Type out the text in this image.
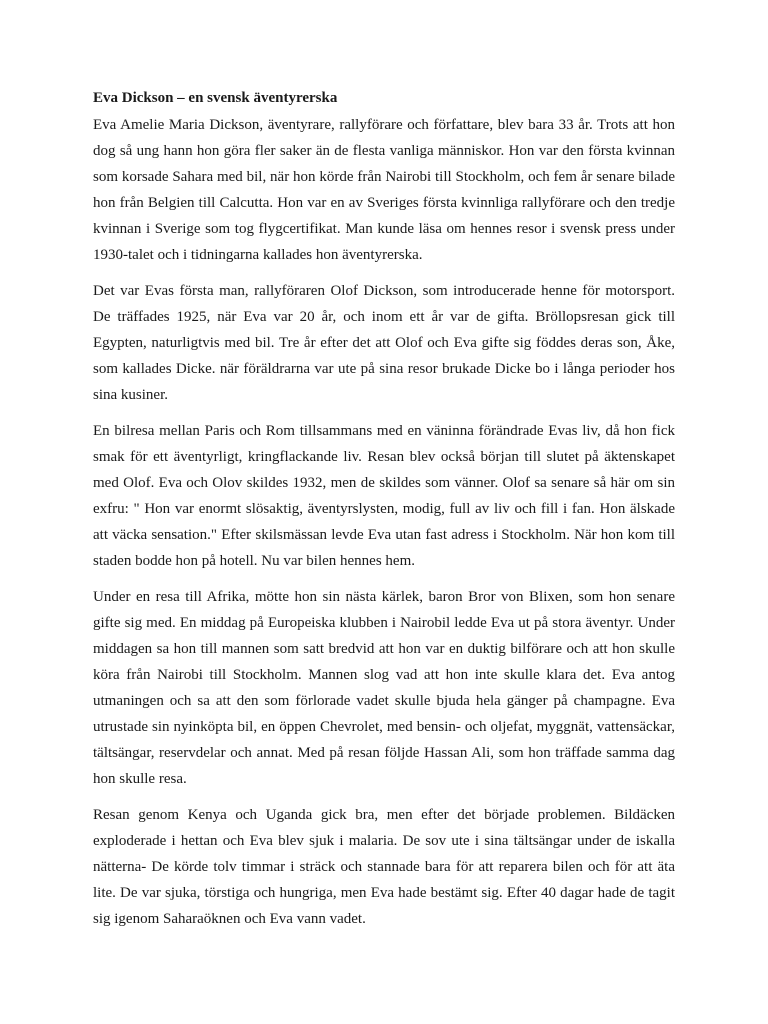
Eva Dickson – en svensk äventyrerska

Eva Amelie Maria Dickson, äventyrare, rallyförare och författare, blev bara 33 år. Trots att hon dog så ung hann hon göra fler saker än de flesta vanliga människor. Hon var den första kvinnan som korsade Sahara med bil, när hon körde från Nairobi till Stockholm, och fem år senare bilade hon från Belgien till Calcutta. Hon var en av Sveriges första kvinnliga rallyförare och den tredje kvinnan i Sverige som tog flygcertifikat. Man kunde läsa om hennes resor i svensk press under 1930-talet och i tidningarna kallades hon äventyrerska.

Det var Evas första man, rallyföraren Olof Dickson, som introducerade henne för motorsport. De träffades 1925, när Eva var 20 år, och inom ett år var de gifta. Bröllopsresan gick till Egypten, naturligtvis med bil. Tre år efter det att Olof och Eva gifte sig föddes deras son, Åke, som kallades Dicke. när föräldrarna var ute på sina resor brukade Dicke bo i långa perioder hos sina kusiner.

En bilresa mellan Paris och Rom tillsammans med en väninna förändrade Evas liv, då hon fick smak för ett äventyrligt, kringflackande liv. Resan blev också början till slutet på äktenskapet med Olof. Eva och Olov skildes 1932, men de skildes som vänner. Olof sa senare så här om sin exfru: " Hon var enormt slösaktig, äventyrslysten, modig, full av liv och fill i fan. Hon älskade att väcka sensation." Efter skilsmässan levde Eva utan fast adress i Stockholm. När hon kom till staden bodde hon på hotell. Nu var bilen hennes hem.

Under en resa till Afrika, mötte hon sin nästa kärlek, baron Bror von Blixen, som hon senare gifte sig med. En middag på Europeiska klubben i Nairobil ledde Eva ut på stora äventyr. Under middagen sa hon till mannen som satt bredvid att hon var en duktig bilförare och att hon skulle köra från Nairobi till Stockholm. Mannen slog vad att hon inte skulle klara det. Eva antog utmaningen och sa att den som förlorade vadet skulle bjuda hela gänger på champagne. Eva utrustade sin nyinköpta bil, en öppen Chevrolet, med bensin- och oljefat, myggnät, vattensäckar, tältsängar, reservdelar och annat. Med på resan följde Hassan Ali, som hon träffade samma dag hon skulle resa.

Resan genom Kenya och Uganda gick bra, men efter det började problemen. Bildäcken exploderade i hettan och Eva blev sjuk i malaria. De sov ute i sina tältsängar under de iskalla nätterna- De körde tolv timmar i sträck och stannade bara för att reparera bilen och för att äta lite. De var sjuka, törstiga och hungriga, men Eva hade bestämt sig. Efter 40 dagar hade de tagit sig igenom Saharaöknen och Eva vann vadet.
